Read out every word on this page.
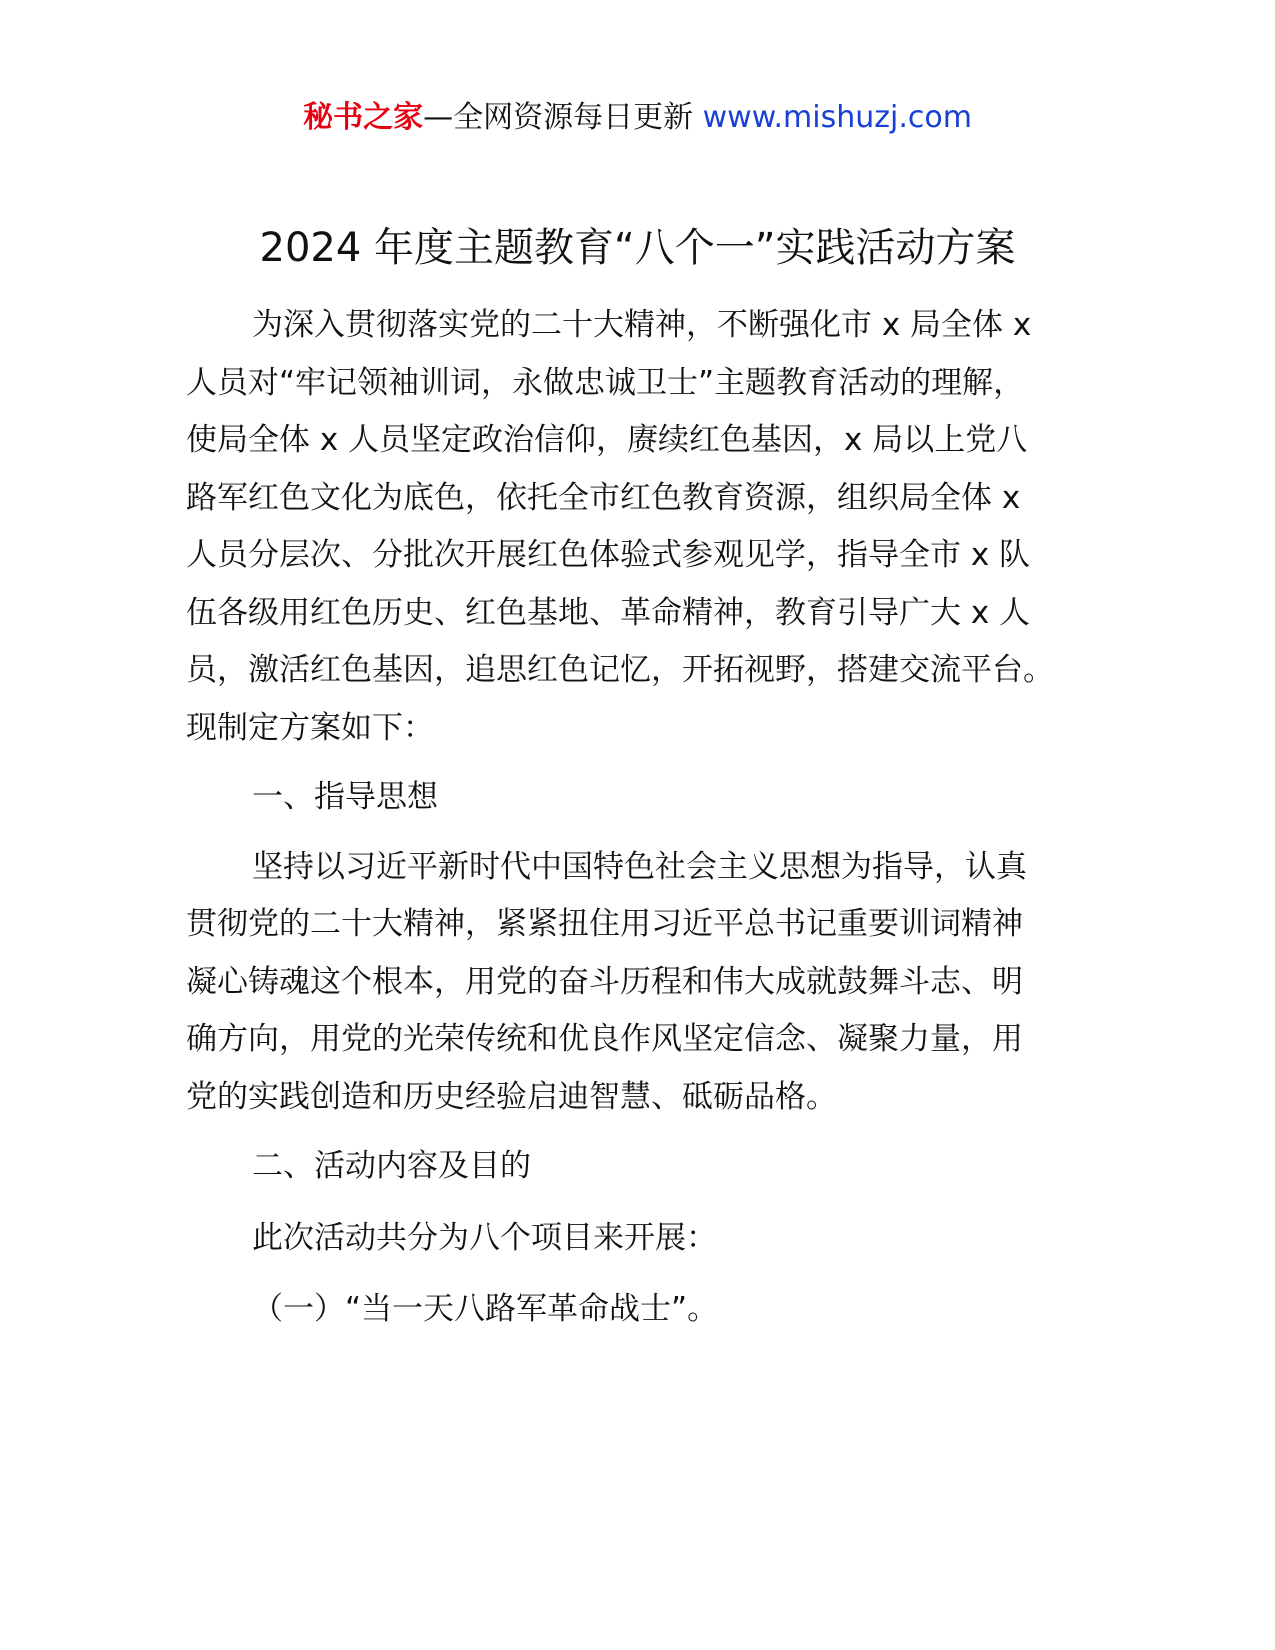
秘书之家—全网资源每日更新 www.mishuzj.com
2024 年度主题教育“八个一”实践活动方案
为深入贯彻落实党的二十大精神，不断强化市 x 局全体 x
人员对“牢记领袖训词，永做忠诚卫士”主题教育活动的理解，
使局全体 x 人员坚定政治信仰，赓续红色基因，x 局以上党八
路军红色文化为底色，依托全市红色教育资源，组织局全体 x
人员分层次、分批次开展红色体验式参观见学，指导全市 x 队
伍各级用红色历史、红色基地、革命精神，教育引导广大 x 人
员，激活红色基因，追思红色记忆，开拓视野，搭建交流平台。
现制定方案如下：
一、指导思想
坚持以习近平新时代中国特色社会主义思想为指导，认真
贯彻党的二十大精神，紧紧扭住用习近平总书记重要训词精神
凝心铸魂这个根本，用党的奋斗历程和伟大成就鼓舞斗志、明
确方向，用党的光荣传统和优良作风坚定信念、凝聚力量，用
党的实践创造和历史经验启迪智慧、砥砺品格。
二、活动内容及目的
此次活动共分为八个项目来开展：
（一）“当一天八路军革命战士”。
